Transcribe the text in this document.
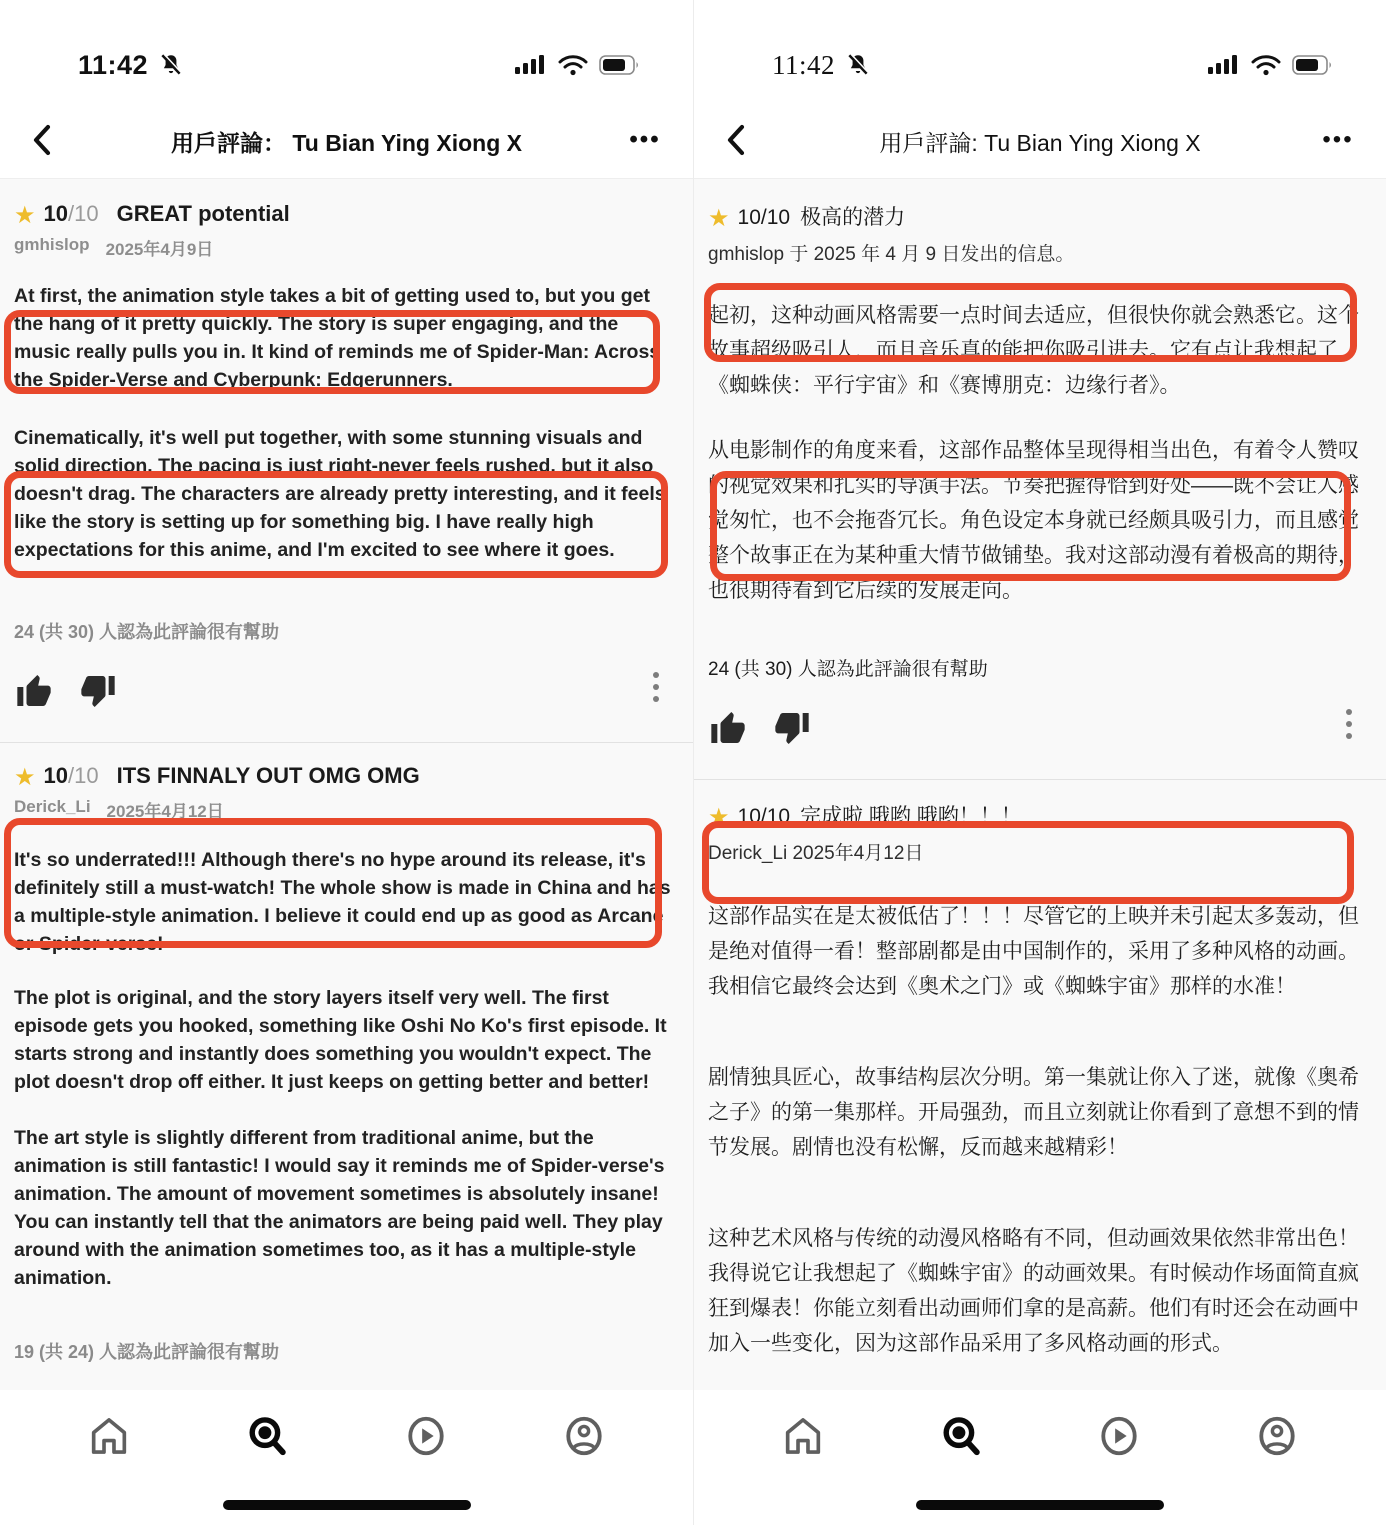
11:42
用戶評論： Tu Bian Ying Xiong X	•••
★ 10 /10 GREAT potential
gmhislop 2025年4月9日

At first, the animation style takes a bit of getting used to, but you get the hang of it pretty quickly. The story is super engaging, and the music really pulls you in. It kind of reminds me of Spider-Man: Across the Spider-Verse and Cyberpunk: Edgerunners.

Cinematically, it's well put together, with some stunning visuals and solid direction. The pacing is just right-never feels rushed, but it also doesn't drag. The characters are already pretty interesting, and it feels like the story is setting up for something big. I have really high expectations for this anime, and I'm excited to see where it goes.

24 (共 30) 人認為此評論很有幫助
★ 10 /10 ITS FINNALY OUT OMG OMG
Derick_Li 2025年4月12日

It's so underrated!!! Although there's no hype around its release, it's definitely still a must-watch! The whole show is made in China and has a multiple-style animation. I believe it could end up as good as Arcane or Spider-verse!

The plot is original, and the story layers itself very well. The first episode gets you hooked, something like Oshi No Ko's first episode. It starts strong and instantly does something you wouldn't expect. The plot doesn't drop off either. It just keeps on getting better and better!

The art style is slightly different from traditional anime, but the animation is still fantastic! I would say it reminds me of Spider-verse's animation. The amount of movement sometimes is absolutely insane! You can instantly tell that the animators are being paid well. They play around with the animation sometimes too, as it has a multiple-style animation.

19 (共 24) 人認為此評論很有幫助
11:42
用戶評論: Tu Bian Ying Xiong X	•••
★ 10 /10 极高的潜力
gmhislop 于 2025 年 4 月 9 日发出的信息。

起初，这种动画风格需要一点时间去适应，但很快你就会熟悉它。这个故事超级吸引人，而且音乐真的能把你吸引进去。它有点让我想起了《蜘蛛侠：平行宇宙》和《赛博朋克：边缘行者》。

从电影制作的角度来看，这部作品整体呈现得相当出色，有着令人赞叹的视觉效果和扎实的导演手法。节奏把握得恰到好处——既不会让人感觉匆忙，也不会拖沓冗长。角色设定本身就已经颇具吸引力，而且感觉整个故事正在为某种重大情节做铺垫。我对这部动漫有着极高的期待，也很期待看到它后续的发展走向。

24 (共 30) 人認為此評論很有幫助
★ 10 /10 完成啦 哦哟 哦哟！！！
Derick_Li 2025年4月12日

这部作品实在是太被低估了！！！尽管它的上映并未引起太多轰动，但是绝对值得一看！整部剧都是由中国制作的，采用了多种风格的动画。我相信它最终会达到《奥术之门》或《蜘蛛宇宙》那样的水准！

剧情独具匠心，故事结构层次分明。第一集就让你入了迷，就像《奥希之子》的第一集那样。开局强劲，而且立刻就让你看到了意想不到的情节发展。剧情也没有松懈，反而越来越精彩！

这种艺术风格与传统的动漫风格略有不同，但动画效果依然非常出色！我得说它让我想起了《蜘蛛宇宙》的动画效果。有时候动作场面简直疯狂到爆表！你能立刻看出动画师们拿的是高薪。他们有时还会在动画中加入一些变化，因为这部作品采用了多风格动画的形式。
